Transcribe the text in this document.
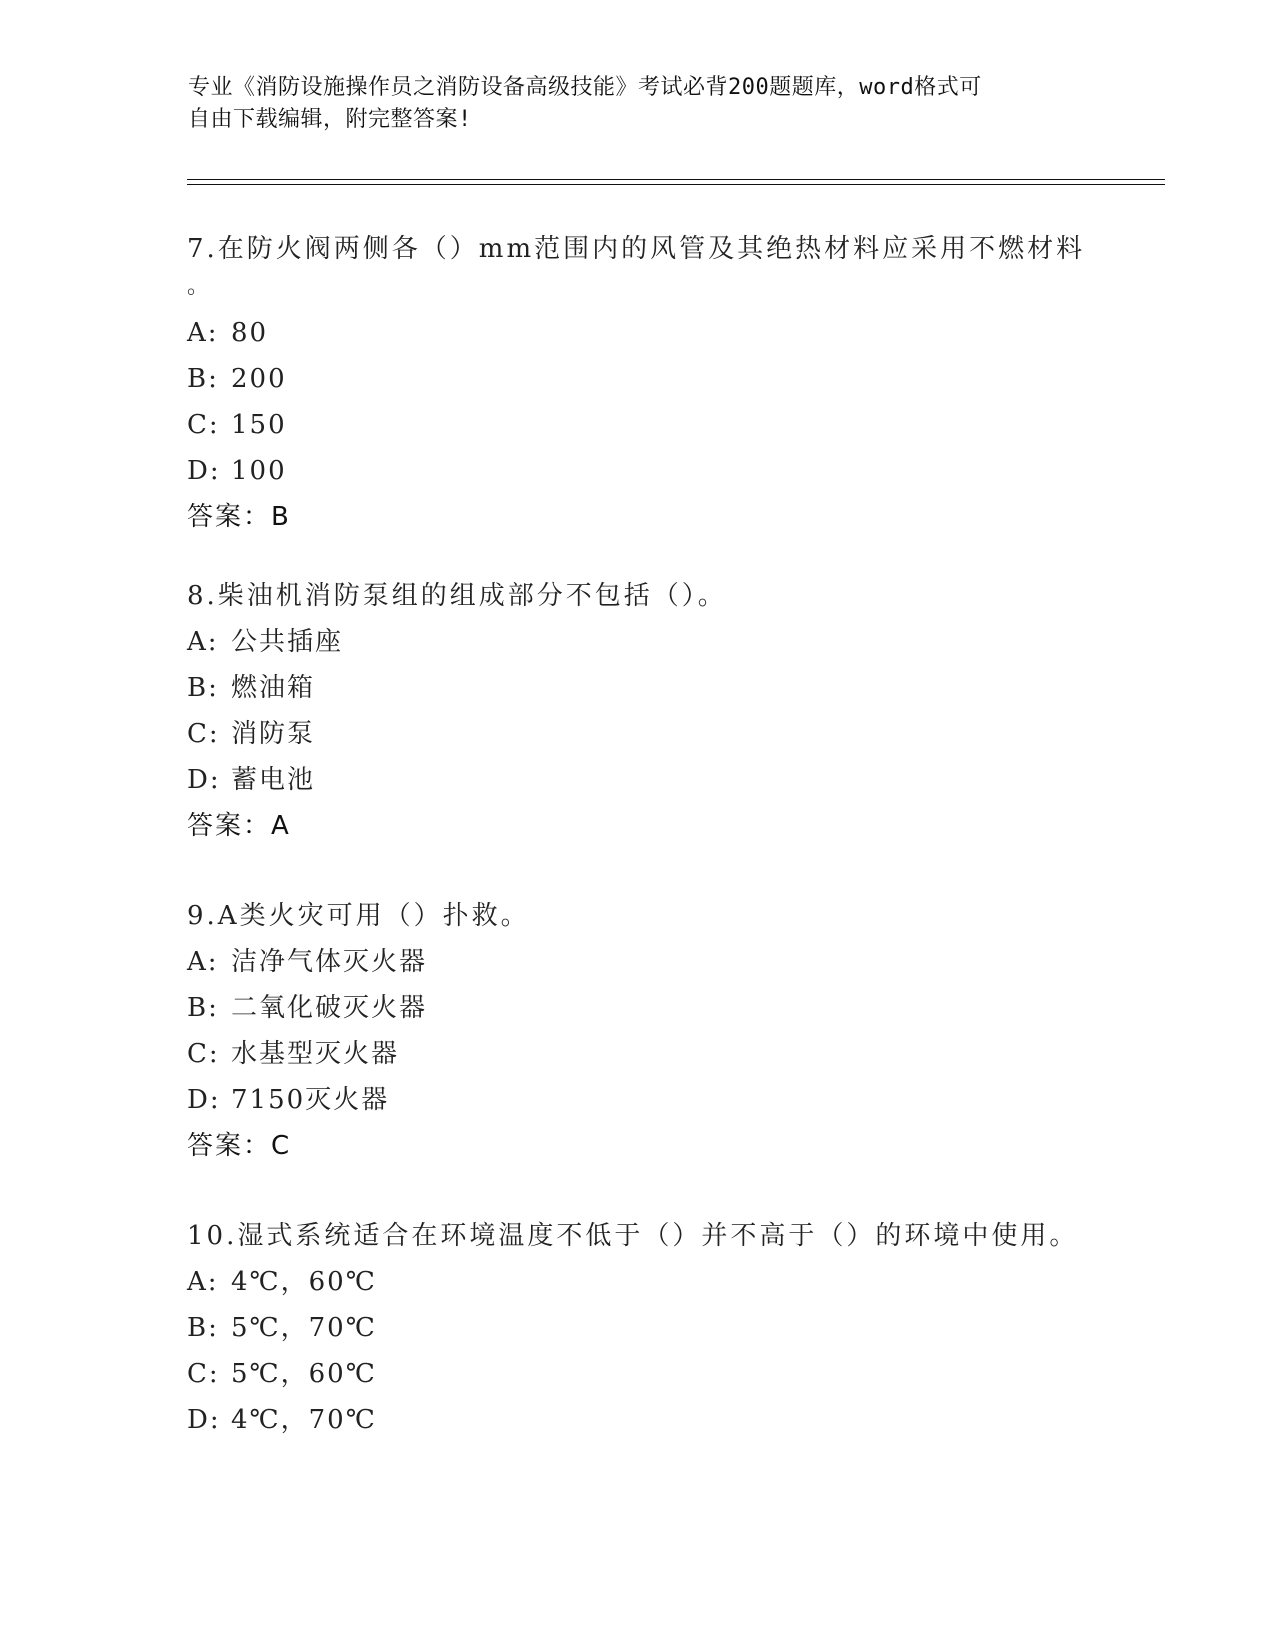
专业《消防设施操作员之消防设备高级技能》考试必背200题题库，word格式可
自由下载编辑，附完整答案!
7.在防火阀两侧各（）mm范围内的风管及其绝热材料应采用不燃材料
。
A: 80
B: 200
C: 150
D: 100
答案：B
8.柴油机消防泵组的组成部分不包括（）。
A: 公共插座
B: 燃油箱
C: 消防泵
D: 蓄电池
答案：A
9.A类火灾可用（）扑救。
A: 洁净气体灭火器
B: 二氧化破灭火器
C: 水基型灭火器
D: 7150灭火器
答案：C
10.湿式系统适合在环境温度不低于（）并不高于（）的环境中使用。
A: 4℃，60℃
B: 5℃，70℃
C: 5℃，60℃
D: 4℃，70℃
